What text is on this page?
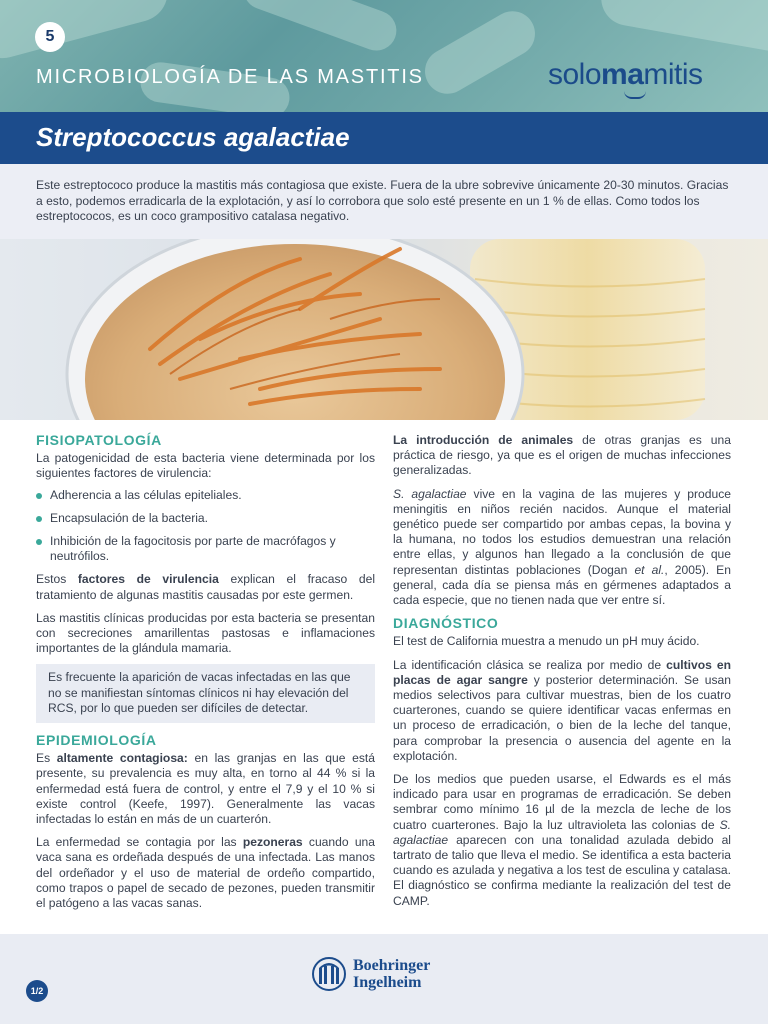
5
MICROBIOLOGÍA DE LAS MASTITIS	solomamitis
Streptococcus agalactiae

Este estreptococo produce la mastitis más contagiosa que existe. Fuera de la ubre sobrevive únicamente 20-30 minutos. Gracias a esto, podemos erradicarla de la explotación, y así lo corrobora que solo esté presente en un 1 % de ellas. Como todos los estreptococos, es un coco grampositivo catalasa negativo.

FISIOPATOLOGÍA

La patogenicidad de esta bacteria viene determinada por los siguientes factores de virulencia:

Adherencia a las células epiteliales.
Encapsulación de la bacteria.
Inhibición de la fagocitosis por parte de macrófagos y neutrófilos.

Estos factores de virulencia explican el fracaso del tratamiento de algunas mastitis causadas por este germen.

Las mastitis clínicas producidas por esta bacteria se presentan con secreciones amarillentas pastosas e inflamaciones importantes de la glándula mamaria.

Es frecuente la aparición de vacas infectadas en las que no se manifiestan síntomas clínicos ni hay elevación del RCS, por lo que pueden ser difíciles de detectar.

EPIDEMIOLOGÍA

Es altamente contagiosa: en las granjas en las que está presente, su prevalencia es muy alta, en torno al 44 % si la enfermedad está fuera de control, y entre el 7,9 y el 10 % si existe control (Keefe, 1997). Generalmente las vacas infectadas lo están en más de un cuarterón.

La enfermedad se contagia por las pezoneras cuando una vaca sana es ordeñada después de una infectada. Las manos del ordeñador y el uso de material de ordeño compartido, como trapos o papel de secado de pezones, pueden transmitir el patógeno a las vacas sanas.

La introducción de animales de otras granjas es una práctica de riesgo, ya que es el origen de muchas infecciones generalizadas.

S. agalactiae vive en la vagina de las mujeres y produce meningitis en niños recién nacidos. Aunque el material genético puede ser compartido por ambas cepas, la bovina y la humana, no todos los estudios demuestran una relación entre ellas, y algunos han llegado a la conclusión de que representan distintas poblaciones (Dogan et al., 2005). En general, cada día se piensa más en gérmenes adaptados a cada especie, que no tienen nada que ver entre sí.

DIAGNÓSTICO

El test de California muestra a menudo un pH muy ácido.

La identificación clásica se realiza por medio de cultivos en placas de agar sangre y posterior determinación. Se usan medios selectivos para cultivar muestras, bien de los cuatro cuarterones, cuando se quiere identificar vacas enfermas en un proceso de erradicación, o bien de la leche del tanque, para comprobar la presencia o ausencia del agente en la explotación.

De los medios que pueden usarse, el Edwards es el más indicado para usar en programas de erradicación. Se deben sembrar como mínimo 16 µl de la mezcla de leche de los cuatro cuarterones. Bajo la luz ultravioleta las colonias de S. agalactiae aparecen con una tonalidad azulada debido al tartrato de talio que lleva el medio. Se identifica a esta bacteria cuando es azulada y negativa a los test de esculina y catalasa. El diagnóstico se confirma mediante la realización del test de CAMP.

1/2
Boehringer
Ingelheim
